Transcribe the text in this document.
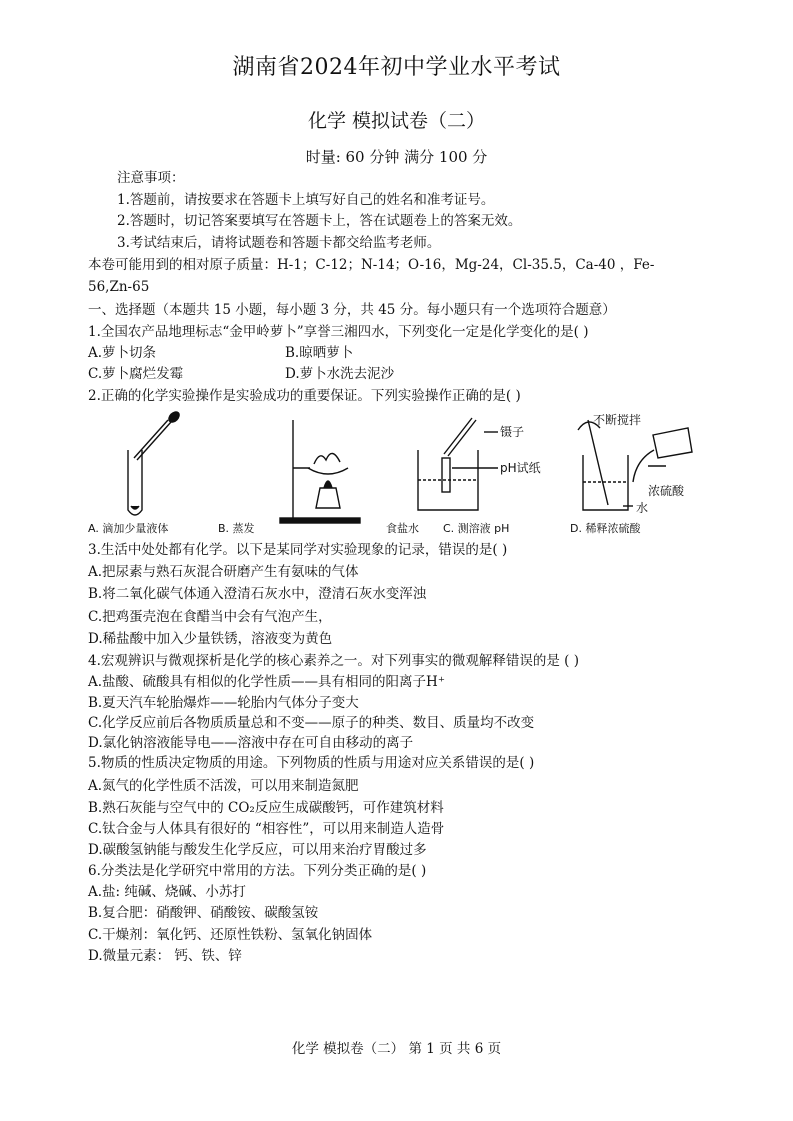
湖南省2024年初中学业水平考试
化学 模拟试卷（二）
时量: 60 分钟 满分 100 分
注意事项：
1.答题前，请按要求在答题卡上填写好自己的姓名和准考证号。
2.答题时，切记答案要填写在答题卡上，答在试题卷上的答案无效。
3.考试结束后，请将试题卷和答题卡都交给监考老师。
本卷可能用到的相对原子质量：H-1；C-12；N-14；O-16，Mg-24，Cl-35.5，Ca-40 ，Fe-
56,Zn-65
一、选择题（本题共 15 小题，每小题 3 分，共 45 分。每小题只有一个选项符合题意）
1.全国农产品地理标志“金甲岭萝卜”享誉三湘四水，下列变化一定是化学变化的是( )
A.萝卜切条	B.晾晒萝卜
C.萝卜腐烂发霉	D.萝卜水洗去泥沙
2.正确的化学实验操作是实验成功的重要保证。下列实验操作正确的是( )
A. 滴加少量液体	B. 蒸发
镊子
pH试纸
食盐水 C. 测溶液 pH
不断搅拌
浓硫酸
水
D. 稀释浓硫酸
3.生活中处处都有化学。以下是某同学对实验现象的记录，错误的是( )
A.把尿素与熟石灰混合研磨产生有氨味的气体
B.将二氧化碳气体通入澄清石灰水中，澄清石灰水变浑浊
C.把鸡蛋壳泡在食醋当中会有气泡产生，
D.稀盐酸中加入少量铁锈，溶液变为黄色
4.宏观辨识与微观探析是化学的核心素养之一。对下列事实的微观解释错误的是 ( )
A.盐酸、硫酸具有相似的化学性质——具有相同的阳离子H⁺
B.夏天汽车轮胎爆炸——轮胎内气体分子变大
C.化学反应前后各物质质量总和不变——原子的种类、数目、质量均不改变
D.氯化钠溶液能导电——溶液中存在可自由移动的离子
5.物质的性质决定物质的用途。下列物质的性质与用途对应关系错误的是( )
A.氮气的化学性质不活泼，可以用来制造氮肥
B.熟石灰能与空气中的 CO₂反应生成碳酸钙，可作建筑材料
C.钛合金与人体具有很好的 “相容性”，可以用来制造人造骨
D.碳酸氢钠能与酸发生化学反应，可以用来治疗胃酸过多
6.分类法是化学研究中常用的方法。下列分类正确的是( )
A.盐: 纯碱、烧碱、小苏打
B.复合肥：硝酸钾、硝酸铵、碳酸氢铵
C.干燥剂：氧化钙、还原性铁粉、氢氧化钠固体
D.微量元素： 钙、铁、锌
化学 模拟卷（二） 第 1 页 共 6 页
